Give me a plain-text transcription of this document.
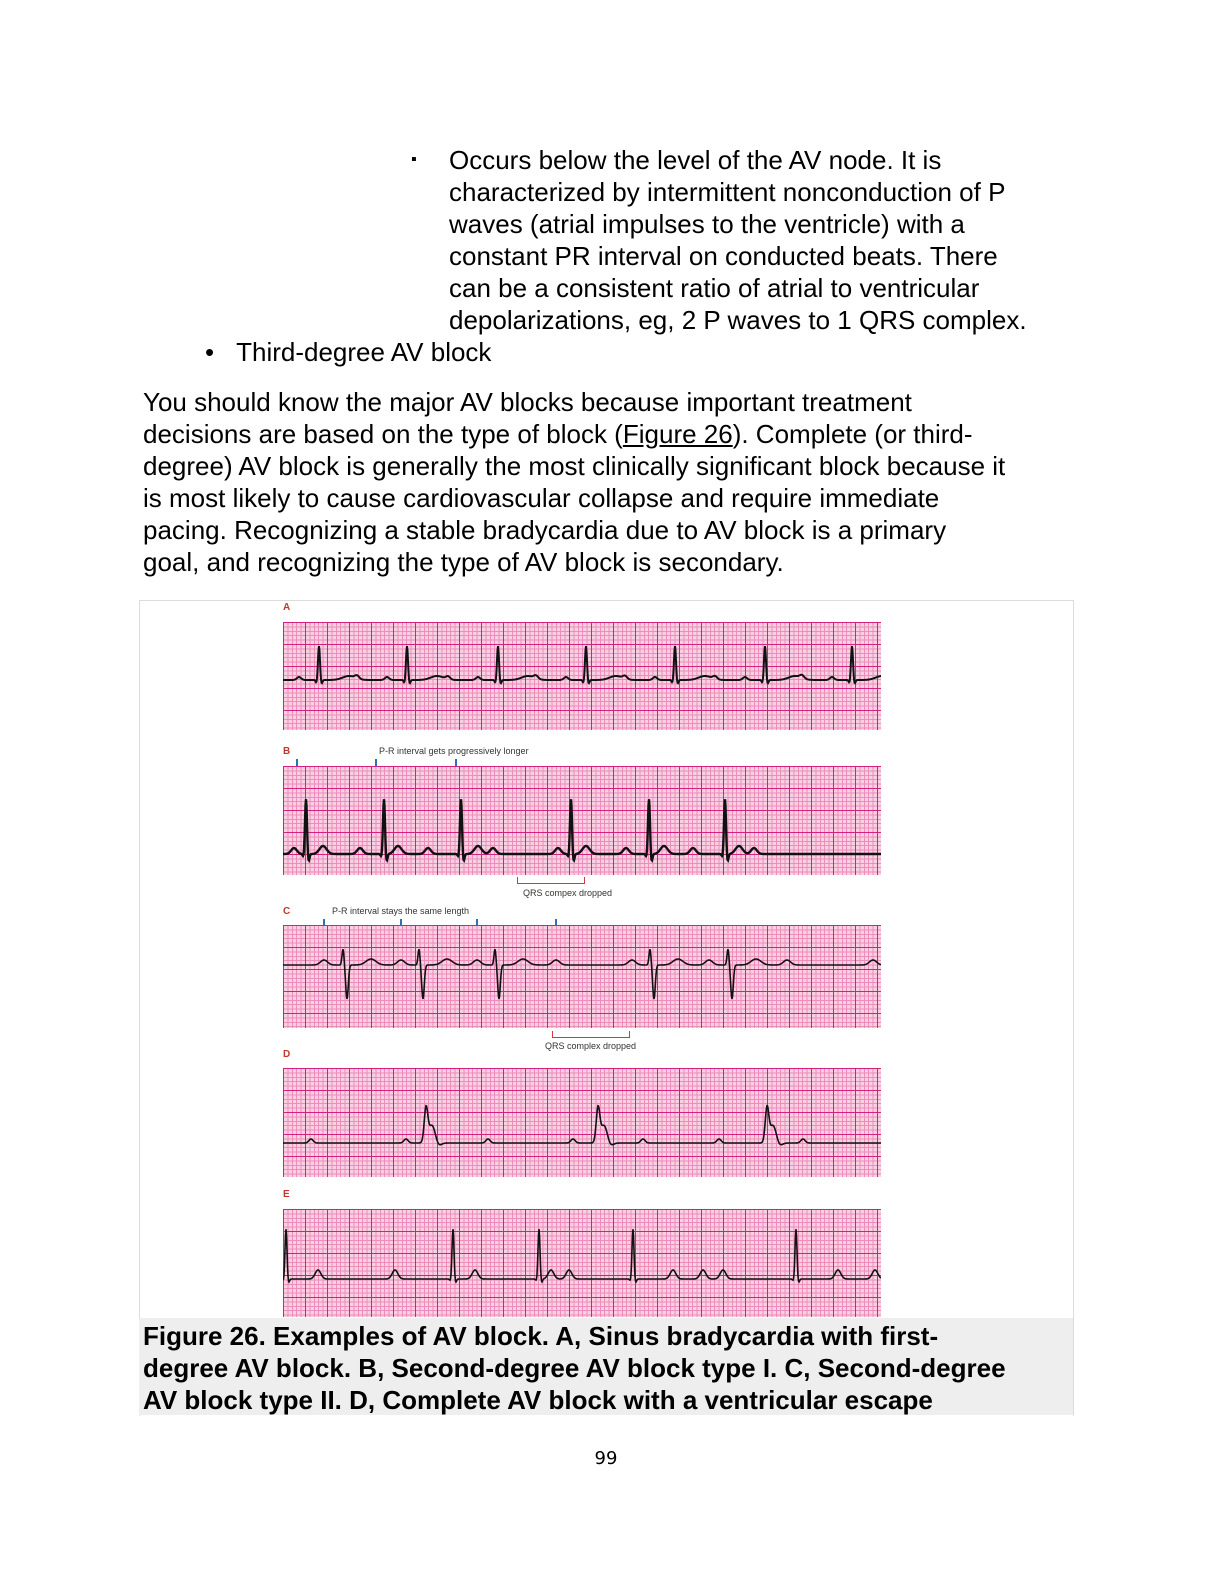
▪ Occurs below the level of the AV node. It is
characterized by intermittent nonconduction of P
waves (atrial impulses to the ventricle) with a
constant PR interval on conducted beats. There
can be a consistent ratio of atrial to ventricular
depolarizations, eg, 2 P waves to 1 QRS complex.
• Third-degree AV block
You should know the major AV blocks because important treatment
decisions are based on the type of block (Figure 26). Complete (or third-
degree) AV block is generally the most clinically significant block because it
is most likely to cause cardiovascular collapse and require immediate
pacing. Recognizing a stable bradycardia due to AV block is a primary
goal, and recognizing the type of AV block is secondary.
A
B	P-R interval gets progressively longer
QRS compex dropped
C	P-R interval stays the same length
QRS complex dropped
D
E
Figure 26. Examples of AV block. A, Sinus bradycardia with first-
degree AV block. B, Second-degree AV block type I. C, Second-degree
AV block type II. D, Complete AV block with a ventricular escape
99
